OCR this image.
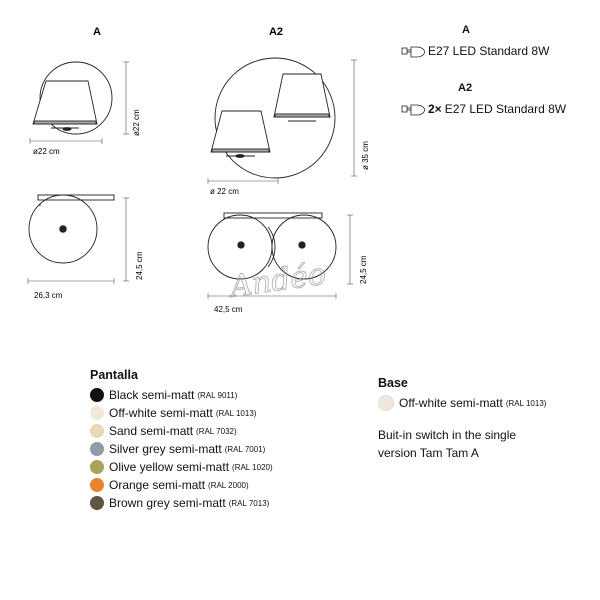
A	A2
ø22 cm
ø22 cm
26,3 cm
24,5 cm
ø 22 cm
ø 35 cm
42,5 cm
24,5 cm
Andéo
A
E27 LED Standard 8W
A2
2× E27 LED Standard 8W
Pantalla
Black semi-matt (RAL 9011)
Off-white semi-matt (RAL 1013)
Sand semi-matt (RAL 7032)
Silver grey semi-matt (RAL 7001)
Olive yellow semi-matt (RAL 1020)
Orange semi-matt (RAL 2000)
Brown grey semi-matt (RAL 7013)
Base
Off-white semi-matt (RAL 1013)
Buit-in switch in the single
version Tam Tam A
